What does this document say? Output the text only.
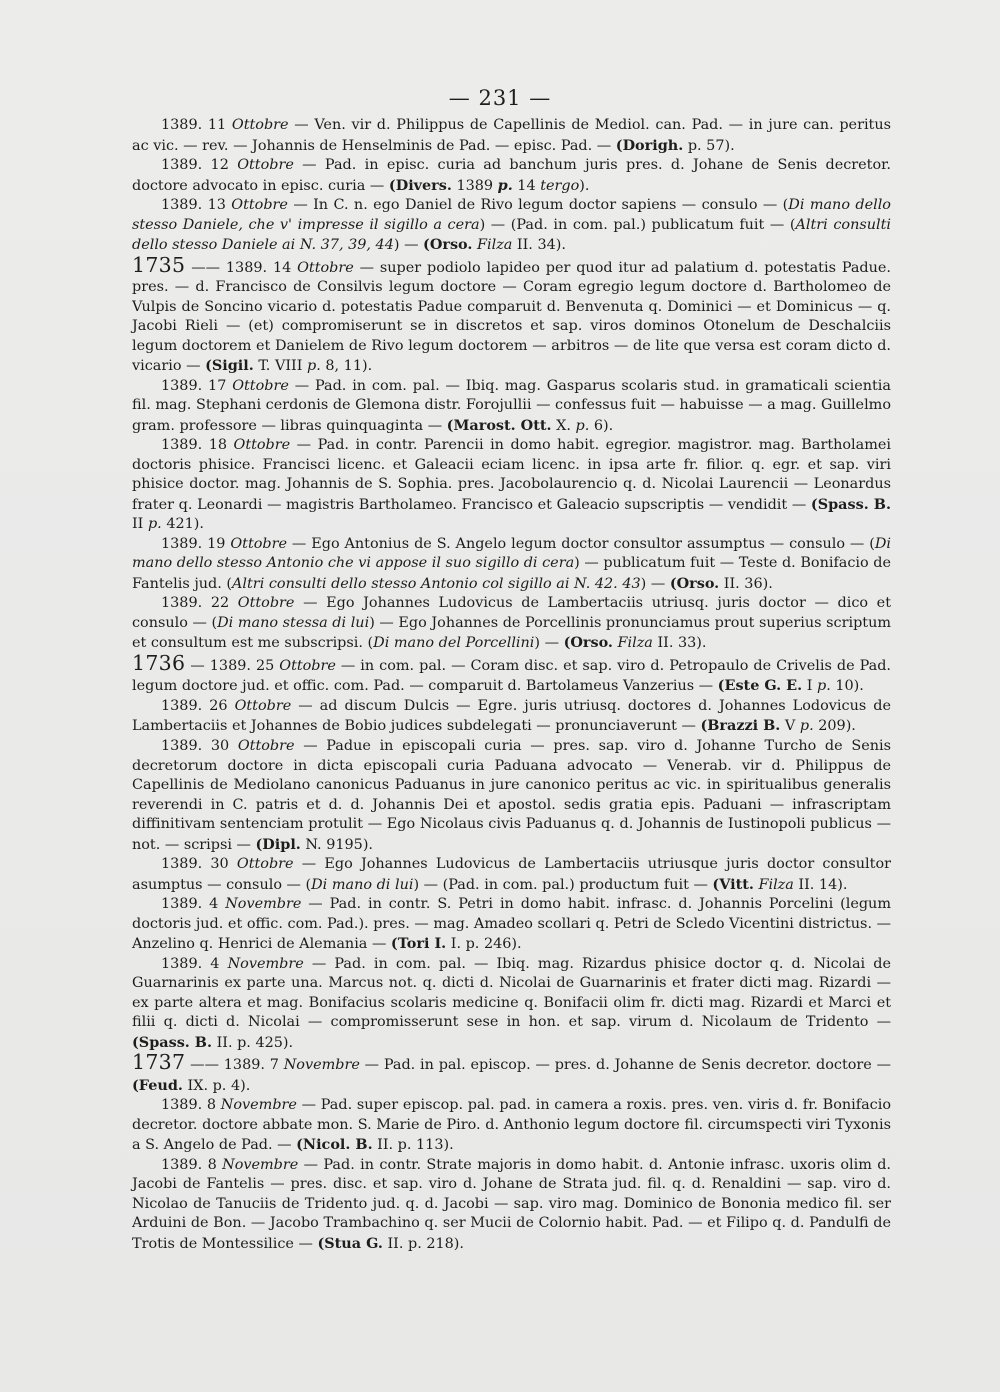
— 231 —

1389. 11 Ottobre — Ven. vir d. Philippus de Capellinis de Mediol. can. Pad. — in jure can. peritus ac vic. — rev. — Johannis de Henselminis de Pad. — episc. Pad. — (Dorigh. p. 57).

1389. 12 Ottobre — Pad. in episc. curia ad banchum juris pres. d. Johane de Senis decretor. doctore advocato in episc. curia — (Divers. 1389 p. 14 tergo).

1389. 13 Ottobre — In C. n. ego Daniel de Rivo legum doctor sapiens — consulo — (Di mano dello stesso Daniele, che v' impresse il sigillo a cera) — (Pad. in com. pal.) publicatum fuit — (Altri consulti dello stesso Daniele ai N. 37, 39, 44) — (Orso. Filza II. 34).

1735 —— 1389. 14 Ottobre — super podiolo lapideo per quod itur ad palatium d. potestatis Padue. pres. — d. Francisco de Consilvis legum doctore — Coram egregio legum doctore d. Bartholomeo de Vulpis de Soncino vicario d. potestatis Padue comparuit d. Benvenuta q. Dominici — et Dominicus — q. Jacobi Rieli — (et) compromiserunt se in discretos et sap. viros dominos Otonelum de Deschalciis legum doctorem et Danielem de Rivo legum doctorem — arbitros — de lite que versa est coram dicto d. vicario — (Sigil. T. VIII p. 8, 11).

1389. 17 Ottobre — Pad. in com. pal. — Ibiq. mag. Gasparus scolaris stud. in gramaticali scientia fil. mag. Stephani cerdonis de Glemona distr. Forojullii — confessus fuit — habuisse — a mag. Guillelmo gram. professore — libras quinquaginta — (Marost. Ott. X. p. 6).

1389. 18 Ottobre — Pad. in contr. Parencii in domo habit. egregior. magistror. mag. Bartholamei doctoris phisice. Francisci licenc. et Galeacii eciam licenc. in ipsa arte fr. filior. q. egr. et sap. viri phisice doctor. mag. Johannis de S. Sophia. pres. Jacobolaurencio q. d. Nicolai Laurencii — Leonardus frater q. Leonardi — magistris Bartholameo. Francisco et Galeacio supscriptis — vendidit — (Spass. B. II p. 421).

1389. 19 Ottobre — Ego Antonius de S. Angelo legum doctor consultor assumptus — consulo — (Di mano dello stesso Antonio che vi appose il suo sigillo di cera) — publicatum fuit — Teste d. Bonifacio de Fantelis jud. (Altri consulti dello stesso Antonio col sigillo ai N. 42. 43) — (Orso. II. 36).

1389. 22 Ottobre — Ego Johannes Ludovicus de Lambertaciis utriusq. juris doctor — dico et consulo — (Di mano stessa di lui) — Ego Johannes de Porcellinis pronunciamus prout superius scriptum et consultum est me subscripsi. (Di mano del Porcellini) — (Orso. Filza II. 33).

1736 — 1389. 25 Ottobre — in com. pal. — Coram disc. et sap. viro d. Petropaulo de Crivelis de Pad. legum doctore jud. et offic. com. Pad. — comparuit d. Bartolameus Vanzerius — (Este G. E. I p. 10).

1389. 26 Ottobre — ad discum Dulcis — Egre. juris utriusq. doctores d. Johannes Lodovicus de Lambertaciis et Johannes de Bobio judices subdelegati — pronunciaverunt — (Brazzi B. V p. 209).

1389. 30 Ottobre — Padue in episcopali curia — pres. sap. viro d. Johanne Turcho de Senis decretorum doctore in dicta episcopali curia Paduana advocato — Venerab. vir d. Philippus de Capellinis de Mediolano canonicus Paduanus in jure canonico peritus ac vic. in spiritualibus generalis reverendi in C. patris et d. d. Johannis Dei et apostol. sedis gratia epis. Paduani — infrascriptam diffinitivam sentenciam protulit — Ego Nicolaus civis Paduanus q. d. Johannis de Iustinopoli publicus — not. — scripsi — (Dipl. N. 9195).

1389. 30 Ottobre — Ego Johannes Ludovicus de Lambertaciis utriusque juris doctor consultor asumptus — consulo — (Di mano di lui) — (Pad. in com. pal.) productum fuit — (Vitt. Filza II. 14).

1389. 4 Novembre — Pad. in contr. S. Petri in domo habit. infrasc. d. Johannis Porcelini (legum doctoris jud. et offic. com. Pad.). pres. — mag. Amadeo scollari q. Petri de Scledo Vicentini districtus. — Anzelino q. Henrici de Alemania — (Tori I. I. p. 246).

1389. 4 Novembre — Pad. in com. pal. — Ibiq. mag. Rizardus phisice doctor q. d. Nicolai de Guarnarinis ex parte una. Marcus not. q. dicti d. Nicolai de Guarnarinis et frater dicti mag. Rizardi — ex parte altera et mag. Bonifacius scolaris medicine q. Bonifacii olim fr. dicti mag. Rizardi et Marci et filii q. dicti d. Nicolai — compromisserunt sese in hon. et sap. virum d. Nicolaum de Tridento — (Spass. B. II. p. 425).

1737 —— 1389. 7 Novembre — Pad. in pal. episcop. — pres. d. Johanne de Senis decretor. doctore — (Feud. IX. p. 4).

1389. 8 Novembre — Pad. super episcop. pal. pad. in camera a roxis. pres. ven. viris d. fr. Bonifacio decretor. doctore abbate mon. S. Marie de Piro. d. Anthonio legum doctore fil. circumspecti viri Tyxonis a S. Angelo de Pad. — (Nicol. B. II. p. 113).

1389. 8 Novembre — Pad. in contr. Strate majoris in domo habit. d. Antonie infrasc. uxoris olim d. Jacobi de Fantelis — pres. disc. et sap. viro d. Johane de Strata jud. fil. q. d. Renaldini — sap. viro d. Nicolao de Tanuciis de Tridento jud. q. d. Jacobi — sap. viro mag. Dominico de Bononia medico fil. ser Arduini de Bon. — Jacobo Trambachino q. ser Mucii de Colornio habit. Pad. — et Filipo q. d. Pandulfi de Trotis de Montessilice — (Stua G. II. p. 218).
